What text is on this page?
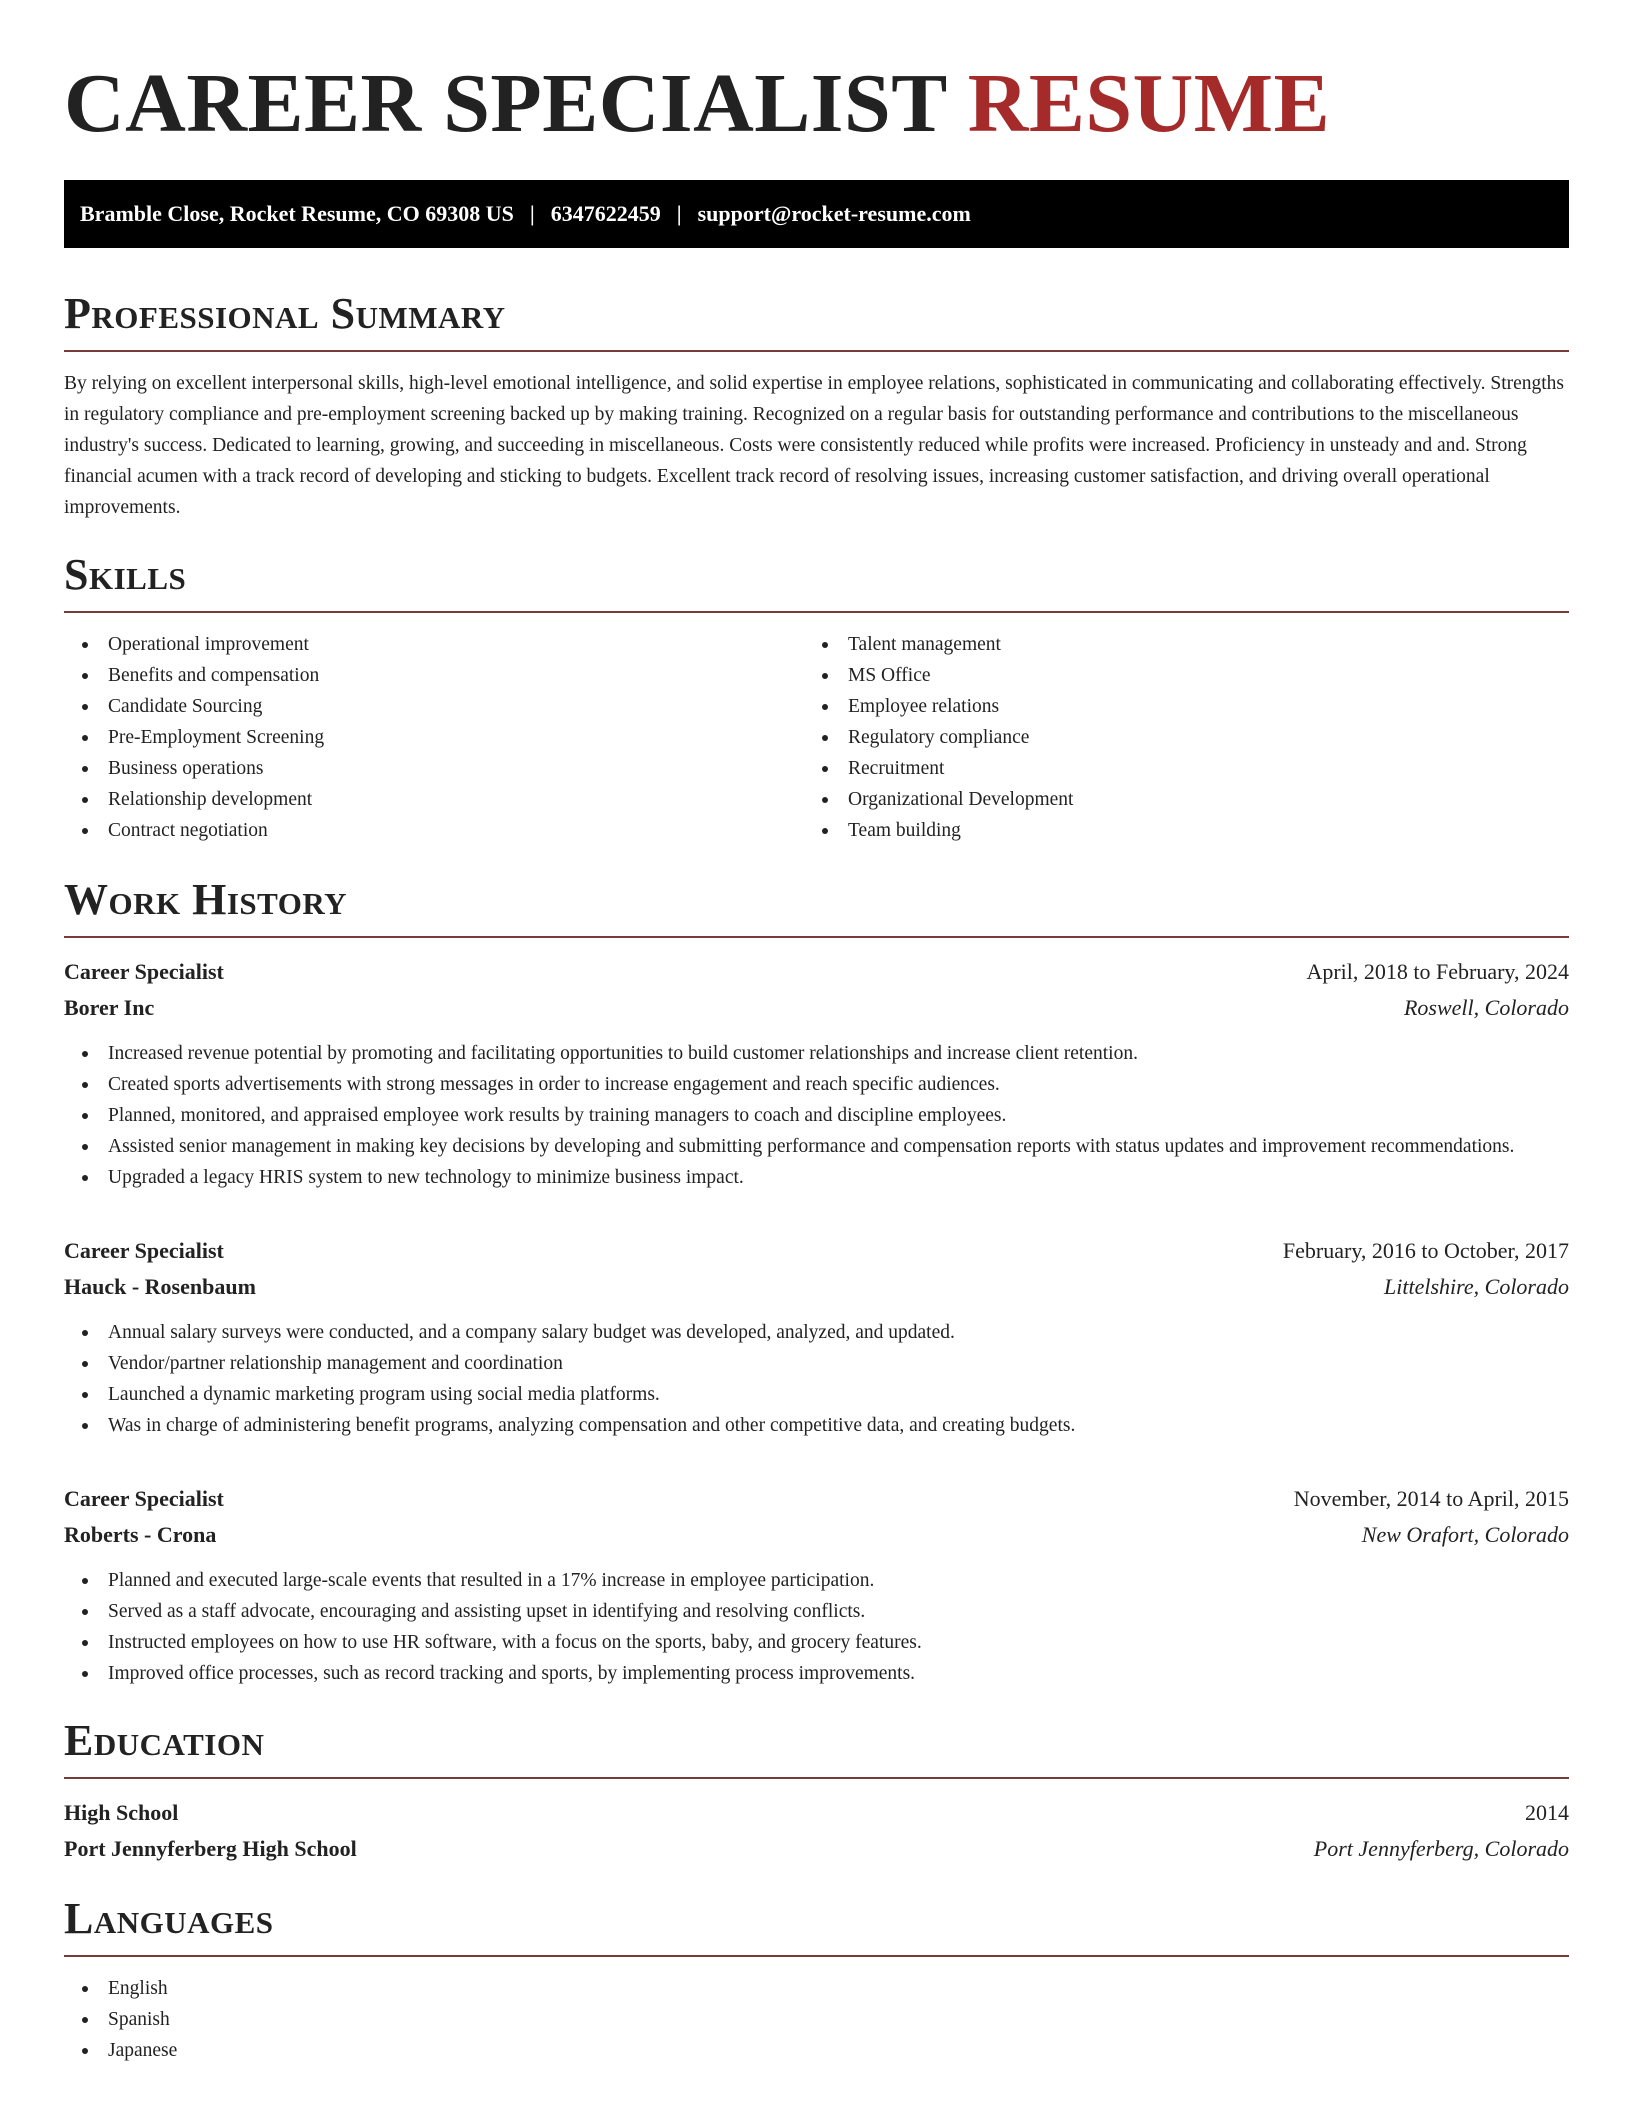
CAREER SPECIALIST RESUME
Bramble Close, Rocket Resume, CO 69308 US | 6347622459 | support@rocket-resume.com
Professional Summary

By relying on excellent interpersonal skills, high-level emotional intelligence, and solid expertise in employee relations, sophisticated in communicating and collaborating effectively. Strengths in regulatory compliance and pre-employment screening backed up by making training. Recognized on a regular basis for outstanding performance and contributions to the miscellaneous industry's success. Dedicated to learning, growing, and succeeding in miscellaneous. Costs were consistently reduced while profits were increased. Proficiency in unsteady and and. Strong financial acumen with a track record of developing and sticking to budgets. Excellent track record of resolving issues, increasing customer satisfaction, and driving overall operational improvements.

Skills
Operational improvement
Benefits and compensation
Candidate Sourcing
Pre-Employment Screening
Business operations
Relationship development
Contract negotiation
Talent management
MS Office
Employee relations
Regulatory compliance
Recruitment
Organizational Development
Team building
Work History
Career Specialist	April, 2018 to February, 2024
Borer Inc	Roswell, Colorado
Increased revenue potential by promoting and facilitating opportunities to build customer relationships and increase client retention.
Created sports advertisements with strong messages in order to increase engagement and reach specific audiences.
Planned, monitored, and appraised employee work results by training managers to coach and discipline employees.
Assisted senior management in making key decisions by developing and submitting performance and compensation reports with status updates and improvement recommendations.
Upgraded a legacy HRIS system to new technology to minimize business impact.
Career Specialist	February, 2016 to October, 2017
Hauck - Rosenbaum	Littelshire, Colorado
Annual salary surveys were conducted, and a company salary budget was developed, analyzed, and updated.
Vendor/partner relationship management and coordination
Launched a dynamic marketing program using social media platforms.
Was in charge of administering benefit programs, analyzing compensation and other competitive data, and creating budgets.
Career Specialist	November, 2014 to April, 2015
Roberts - Crona	New Orafort, Colorado
Planned and executed large-scale events that resulted in a 17% increase in employee participation.
Served as a staff advocate, encouraging and assisting upset in identifying and resolving conflicts.
Instructed employees on how to use HR software, with a focus on the sports, baby, and grocery features.
Improved office processes, such as record tracking and sports, by implementing process improvements.
Education
High School	2014
Port Jennyferberg High School	Port Jennyferberg, Colorado
Languages
English
Spanish
Japanese
